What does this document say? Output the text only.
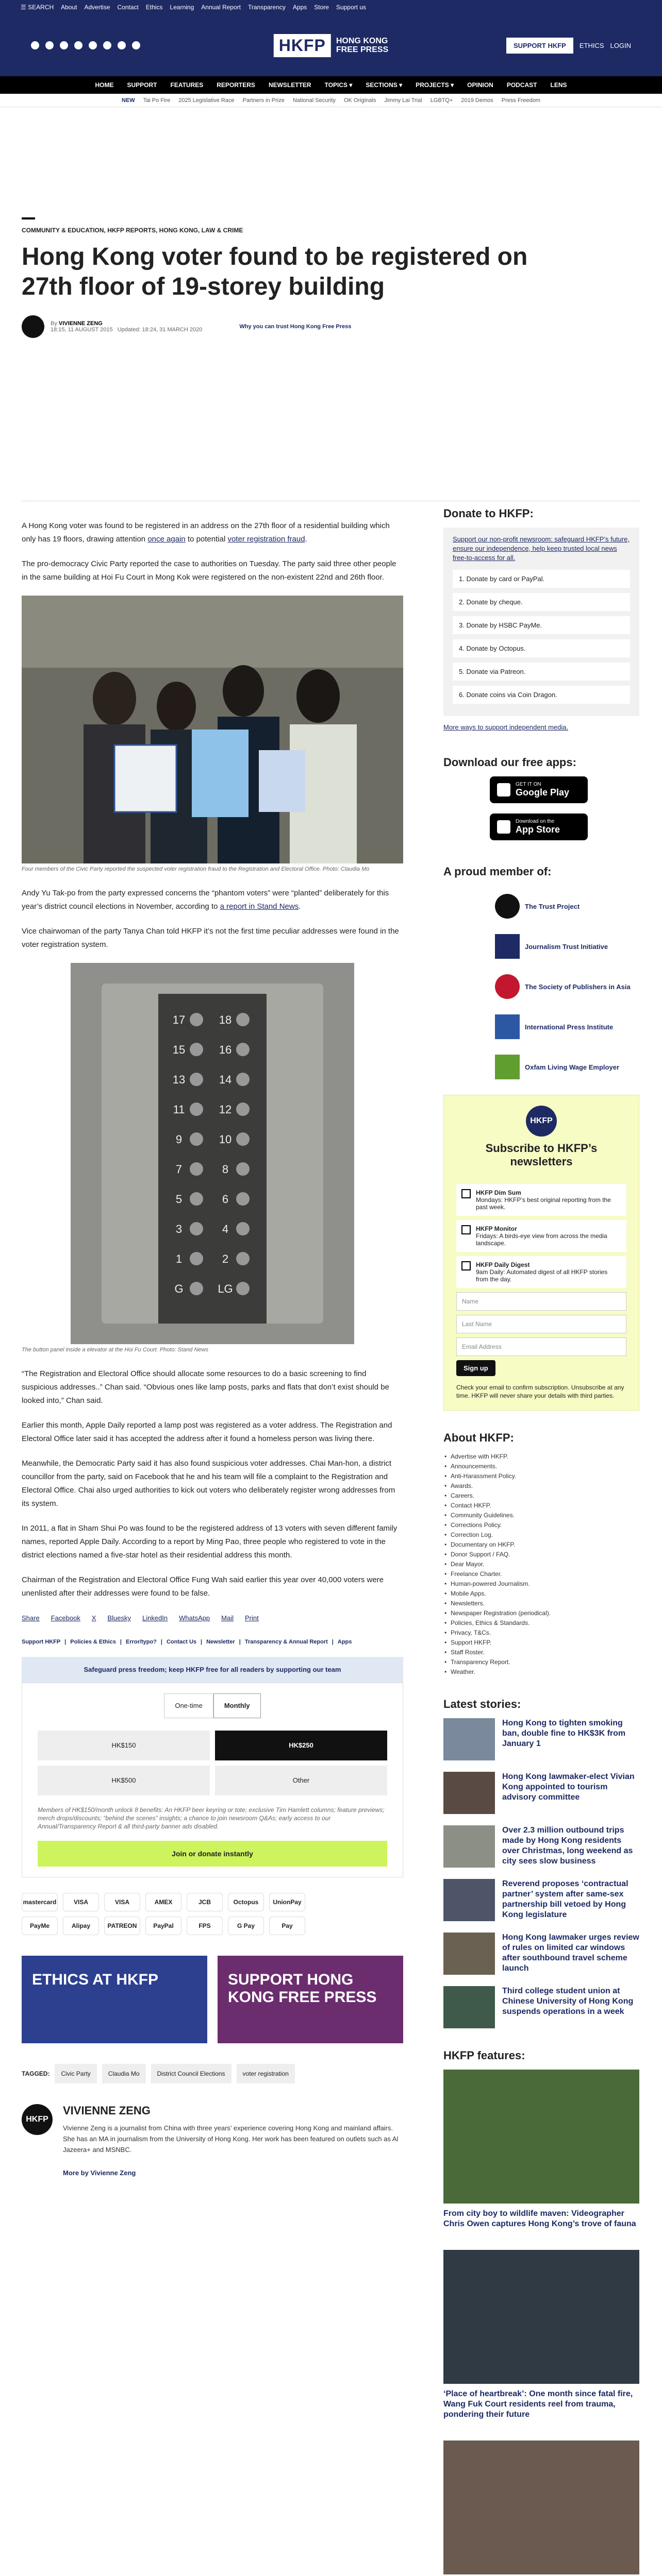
☰ SEARCH About Advertise Contact Ethics Learning Annual Report Transparency Apps Store Support us
HKFP	HONG KONG
FREE PRESS	SUPPORT HKFP	ETHICS LOGIN
HOME SUPPORT FEATURES REPORTERS NEWSLETTER TOPICS ▾ SECTIONS ▾ PROJECTS ▾ OPINION PODCAST LENS
NEW Tai Po Fire 2025 Legislative Race Partners in Prize National Security OK Originals Jimmy Lai Trial LGBTQ+ 2019 Demos Press Freedom
COMMUNITY & EDUCATION, HKFP REPORTS, HONG KONG, LAW & CRIME
Hong Kong voter found to be registered on 27th floor of 19-storey building
By VIVIENNE ZENG
18:15, 11 AUGUST 2015 Updated: 18:24, 31 MARCH 2020	Why you can trust Hong Kong Free Press

A Hong Kong voter was found to be registered in an address on the 27th floor of a residential building which only has 19 floors, drawing attention once again to potential voter registration fraud.

The pro-democracy Civic Party reported the case to authorities on Tuesday. The party said three other people in the same building at Hoi Fu Court in Mong Kok were registered on the non-existent 22nd and 26th floor.

Four members of the Civic Party reported the suspected voter registration fraud to the Registration and Electoral Office. Photo: Claudia Mo

Andy Yu Tak-po from the party expressed concerns the “phantom voters” were “planted” deliberately for this year’s district council elections in November, according to a report in Stand News.

Vice chairwoman of the party Tanya Chan told HKFP it’s not the first time peculiar addresses were found in the voter registration system.

17	18
15	16
13	14
11	12
9	10
7	8
5	6
3	4
1	2
G	LG
The button panel inside a elevator at the Hoi Fu Court. Photo: Stand News

“The Registration and Electoral Office should allocate some resources to do a basic screening to find suspicious addresses..” Chan said. “Obvious ones like lamp posts, parks and flats that don’t exist should be looked into,” Chan said.

Earlier this month, Apple Daily reported a lamp post was registered as a voter address. The Registration and Electoral Office later said it has accepted the address after it found a homeless person was living there.

Meanwhile, the Democratic Party said it has also found suspicious voter addresses. Chai Man-hon, a district councillor from the party, said on Facebook that he and his team will file a complaint to the Registration and Electoral Office. Chai also urged authorities to kick out voters who deliberately register wrong addresses from its system.

In 2011, a flat in Sham Shui Po was found to be the registered address of 13 voters with seven different family names, reported Apple Daily. According to a report by Ming Pao, three people who registered to vote in the district elections named a five-star hotel as their residential address this month.

Chairman of the Registration and Electoral Office Fung Wah said earlier this year over 40,000 voters were unenlisted after their addresses were found to be false.

Share Facebook X Bluesky LinkedIn WhatsApp Mail Print
Support HKFP | Policies & Ethics | Error/typo? | Contact Us | Newsletter | Transparency & Annual Report | Apps
Safeguard press freedom; keep HKFP free for all readers by supporting our team
One-time	Monthly
HK$150	HK$250
HK$500	Other
Members of HK$150/month unlock 8 benefits: An HKFP beer keyring or tote; exclusive Tim Hamlett columns; feature previews; merch drops/discounts; “behind the scenes” insights; a chance to join newsroom Q&As; early access to our Annual/Transparency Report & all third-party banner ads disabled.
Join or donate instantly
mastercard	VISA	VISA	AMEX	JCB	Octopus	UnionPay
PayMe	Alipay	PATREON	PayPal	FPS	G Pay	Pay
ETHICS AT HKFP	SUPPORT HONG KONG FREE PRESS
TAGGED:	Civic Party	Claudia Mo	District Council Elections	voter registration
HKFP
VIVIENNE ZENG

Vivienne Zeng is a journalist from China with three years’ experience covering Hong Kong and mainland affairs. She has an MA in journalism from the University of Hong Kong. Her work has been featured on outlets such as Al Jazeera+ and MSNBC.

More by Vivienne Zeng
Donate to HKFP:
Support our non-profit newsroom: safeguard HKFP’s future, ensure our independence, help keep trusted local news free-to-access for all.
1. Donate by card or PayPal.
2. Donate by cheque.
3. Donate by HSBC PayMe.
4. Donate by Octopus.
5. Donate via Patreon.
6. Donate coins via Coin Dragon.
More ways to support independent media.
Download our free apps:
GET IT ON
Google Play
Download on the
App Store
A proud member of:
The Trust Project
Journalism Trust Initiative
The Society of Publishers in Asia
International Press Institute
Oxfam Living Wage Employer
HKFP
Subscribe to HKFP’s newsletters
HKFP Dim Sum
Mondays: HKFP’s best original reporting from the past week.
HKFP Monitor
Fridays: A birds-eye view from across the media landscape.
HKFP Daily Digest
9am Daily: Automated digest of all HKFP stories from the day.
Name
Last Name
Email Address
Sign up

Check your email to confirm subscription. Unsubscribe at any time. HKFP will never share your details with third parties.

About HKFP:
• Advertise with HKFP.
• Announcements.
• Anti-Harassment Policy.
• Awards.
• Careers.
• Contact HKFP.
• Community Guidelines.
• Corrections Policy.
• Correction Log.
• Documentary on HKFP.
• Donor Support / FAQ.
• Dear Mayor.
• Freelance Charter.
• Human-powered Journalism.
• Mobile Apps.
• Newsletters.
• Newspaper Registration (periodical).
• Policies, Ethics & Standards.
• Privacy, T&Cs.
• Support HKFP.
• Staff Roster.
• Transparency Report.
• Weather.
Latest stories:
Hong Kong to tighten smoking ban, double fine to HK$3K from January 1
Hong Kong lawmaker-elect Vivian Kong appointed to tourism advisory committee
Over 2.3 million outbound trips made by Hong Kong residents over Christmas, long weekend as city sees slow business
Reverend proposes ‘contractual partner’ system after same-sex partnership bill vetoed by Hong Kong legislature
Hong Kong lawmaker urges review of rules on limited car windows after southbound travel scheme launch
Third college student union at Chinese University of Hong Kong suspends operations in a week
HKFP features:
From city boy to wildlife maven: Videographer Chris Owen captures Hong Kong’s trove of fauna
‘Place of heartbreak’: One month since fatal fire, Wang Fuk Court residents reel from trauma, pondering their future
